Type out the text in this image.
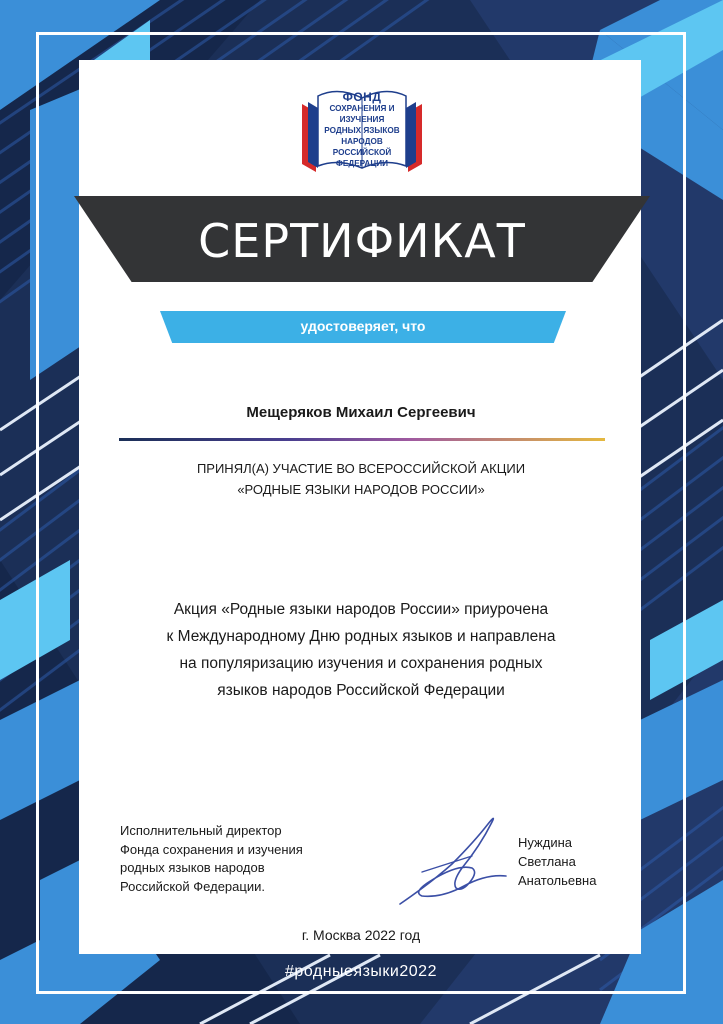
ФОНД
СОХРАНЕНИЯ И ИЗУЧЕНИЯ
РОДНЫХ ЯЗЫКОВ
НАРОДОВ
РОССИЙСКОЙ
ФЕДЕРАЦИИ
СЕРТИФИКАТ
удостоверяет, что
Мещеряков Михаил Сергеевич
ПРИНЯЛ(А) УЧАСТИЕ ВО ВСЕРОССИЙСКОЙ АКЦИИ
«РОДНЫЕ ЯЗЫКИ НАРОДОВ РОССИИ»
Акция «Родные языки народов России» приурочена
к Международному Дню родных языков и направлена
на популяризацию изучения и сохранения родных
языков народов Российской Федерации
Исполнительный директор
Фонда сохранения и изучения
родных языков народов
Российской Федерации.
Нуждина
Светлана
Анатольевна
г. Москва 2022 год
#родныеязыки2022
